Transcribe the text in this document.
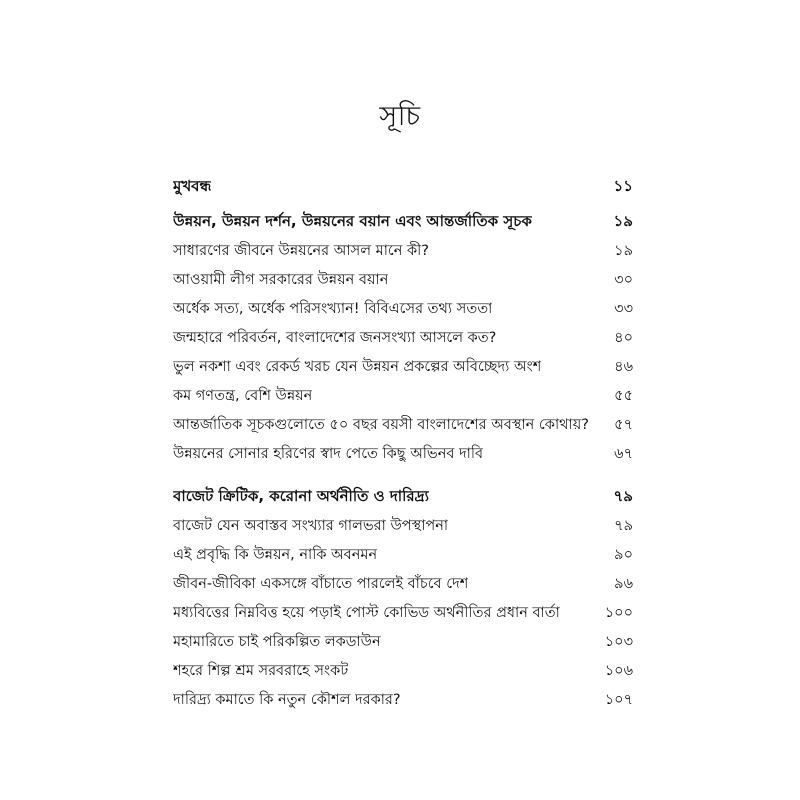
সূচি
মুখবন্ধ	১১
উন্নয়ন, উন্নয়ন দর্শন, উন্নয়নের বয়ান এবং আন্তর্জাতিক সূচক	১৯
সাধারণের জীবনে উন্নয়নের আসল মানে কী?	১৯
আওয়ামী লীগ সরকারের উন্নয়ন বয়ান	৩০
অর্ধেক সত্য, অর্ধেক পরিসংখ্যান! বিবিএসের তথ্য সততা	৩৩
জন্মহারে পরিবর্তন, বাংলাদেশের জনসংখ্যা আসলে কত?	৪০
ভুল নকশা এবং রেকর্ড খরচ যেন উন্নয়ন প্রকল্পের অবিচ্ছেদ্য অংশ	৪৬
কম গণতন্ত্র, বেশি উন্নয়ন	৫৫
আন্তর্জাতিক সূচকগুলোতে ৫০ বছর বয়সী বাংলাদেশের অবস্থান কোথায়?	৫৭
উন্নয়নের সোনার হরিণের স্বাদ পেতে কিছু অভিনব দাবি	৬৭
বাজেট ক্রিটিক, করোনা অর্থনীতি ও দারিদ্র্য	৭৯
বাজেট যেন অবাস্তব সংখ্যার গালভরা উপস্থাপনা	৭৯
এই প্রবৃদ্ধি কি উন্নয়ন, নাকি অবনমন	৯০
জীবন-জীবিকা একসঙ্গে বাঁচাতে পারলেই বাঁচবে দেশ	৯৬
মধ্যবিত্তের নিম্নবিত্ত হয়ে পড়াই পোস্ট কোভিড অর্থনীতির প্রধান বার্তা	১০০
মহামারিতে চাই পরিকল্পিত লকডাউন	১০৩
শহরে শিল্প শ্রম সরবরাহে সংকট	১০৬
দারিদ্র্য কমাতে কি নতুন কৌশল দরকার?	১০৭
